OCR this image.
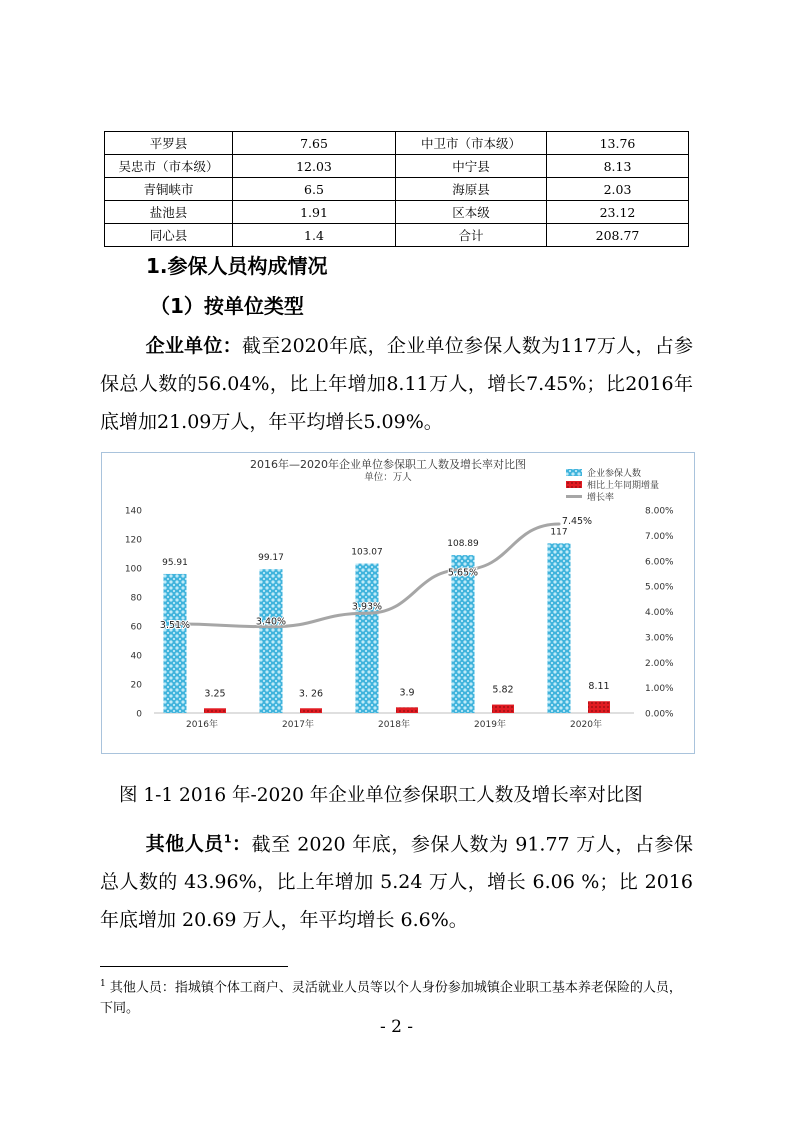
平罗县	7.65	中卫市（市本级）	13.76
吴忠市（市本级）	12.03	中宁县	8.13
青铜峡市	6.5	海原县	2.03
盐池县	1.91	区本级	23.12
同心县	1.4	合计	208.77
1.参保人员构成情况
（1）按单位类型

企业单位：截至2020年底，企业单位参保人数为117万人，占参保总人数的56.04%，比上年增加8.11万人，增长7.45%；比2016年底增加21.09万人，年平均增长5.09%。

95.91	99.17
103.07
108.89
117
3.25	3. 26	3.9	5.82	8.11
3.51%	3.40%
3.93%
5.65%
7.45%
0
20
40
60
80
100
120
140
0.00%
1.00%
2.00%
3.00%
4.00%
5.00%
6.00%
7.00%
8.00%
2016年	2017年	2018年	2019年	2020年
企业参保人数
相比上年同期增量
增长率
2016年—2020年企业单位参保职工人数及增长率对比图
单位：万人
图 1-1 2016 年-2020 年企业单位参保职工人数及增长率对比图

其他人员$^1$：截至 2020 年底，参保人数为 91.77 万人，占参保总人数的 43.96%，比上年增加 5.24 万人，增长 6.06 %；比 2016 年底增加 20.69 万人，年平均增长 6.6%。

$^1$ 其他人员：指城镇个体工商户、灵活就业人员等以个人身份参加城镇企业职工基本养老保险的人员，下同。

- 2 -
